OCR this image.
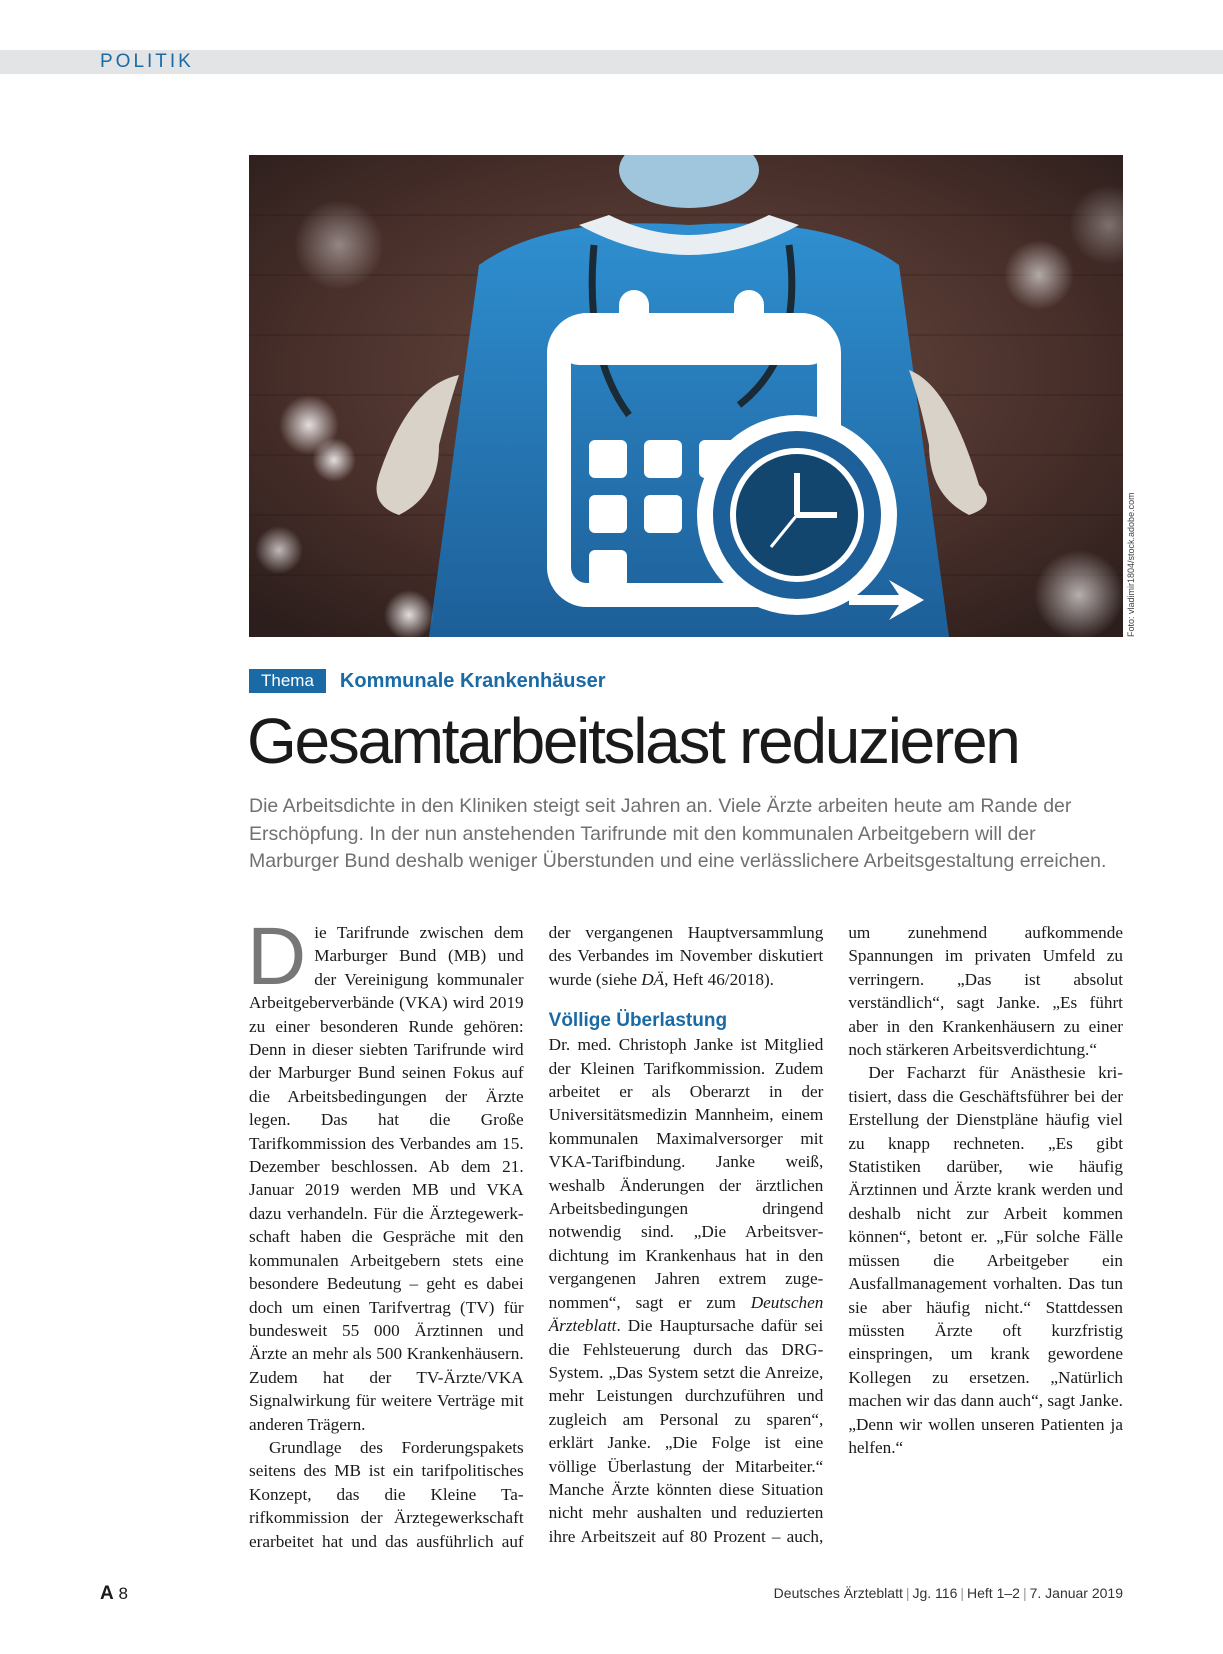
POLITIK
Foto: vladimir1804/stock.adobe.com
Thema Kommunale Krankenhäuser
Gesamtarbeitslast reduzieren

Die Arbeitsdichte in den Kliniken steigt seit Jahren an. Viele Ärzte arbeiten heute am Rande der Erschöpfung. In der nun anstehenden Tarifrunde mit den kommunalen Arbeitgebern will der Marburger Bund deshalb weniger Überstunden und eine verlässlichere Arbeitsgestaltung erreichen.

Die Tarifrunde zwischen dem Marburger Bund (MB) und der Vereinigung kommunaler Arbeitgeberverbände (VKA) wird 2019 zu einer besonderen Runde gehören: Denn in dieser siebten Tarifrunde wird der Marburger Bund seinen Fokus auf die Arbeitsbedingungen der Ärzte legen. Das hat die Große Tarifkommission des Verbandes am 15. Dezember beschlossen. Ab dem 21. Januar 2019 werden MB und VKA dazu verhandeln. Für die Ärztegewerkschaft haben die Gespräche mit den kommunalen Arbeitgebern stets eine besondere Bedeutung – geht es dabei doch um einen Tarifvertrag (TV) für bundesweit 55 000 Ärztinnen und Ärzte an mehr als 500 Krankenhäusern. Zudem hat der TV-Ärzte/VKA Signalwirkung für weitere Verträge mit anderen Trägern.

Grundlage des Forderungspakets seitens des MB ist ein tarifpolitisches Konzept, das die Kleine Tarifkommission der Ärztegewerkschaft erarbeitet hat und das ausführlich auf der vergangenen Hauptversammlung des Verbandes im November diskutiert wurde (siehe DÄ, Heft 46/2018).

Völlige Überlastung

Dr. med. Christoph Janke ist Mitglied der Kleinen Tarifkommission. Zudem arbeitet er als Oberarzt in der Universitätsmedizin Mannheim, einem kommunalen Maximalversorger mit VKA-Tarifbindung. Janke weiß, weshalb Änderungen der ärztlichen Arbeitsbedingungen dringend notwendig sind. „Die Arbeitsverdichtung im Krankenhaus hat in den vergangenen Jahren extrem zugenommen“, sagt er zum Deutschen Ärzteblatt. Die Hauptursache dafür sei die Fehlsteuerung durch das DRG-System. „Das System setzt die Anreize, mehr Leistungen durchzuführen und zugleich am Personal zu sparen“, erklärt Janke. „Die Folge ist eine völlige Überlastung der Mitarbeiter.“ Manche Ärzte könnten diese Situation nicht mehr aushalten und reduzierten ihre Arbeitszeit auf 80 Prozent – auch, um zunehmend aufkommende Spannungen im privaten Umfeld zu verringern. „Das ist absolut verständlich“, sagt Janke. „Es führt aber in den Krankenhäusern zu einer noch stärkeren Arbeitsverdichtung.“

Der Facharzt für Anästhesie kritisiert, dass die Geschäftsführer bei der Erstellung der Dienstpläne häufig viel zu knapp rechneten. „Es gibt Statistiken darüber, wie häufig Ärztinnen und Ärzte krank werden und deshalb nicht zur Arbeit kommen können“, betont er. „Für solche Fälle müssen die Arbeitgeber ein Ausfallmanagement vorhalten. Das tun sie aber häufig nicht.“ Stattdessen müssten Ärzte oft kurzfristig einspringen, um krank gewordene Kollegen zu ersetzen. „Natürlich machen wir das dann auch“, sagt Janke. „Denn wir wollen unseren Patienten ja helfen.“

A 8	Deutsches Ärzteblatt | Jg. 116 | Heft 1–2 | 7. Januar 2019
